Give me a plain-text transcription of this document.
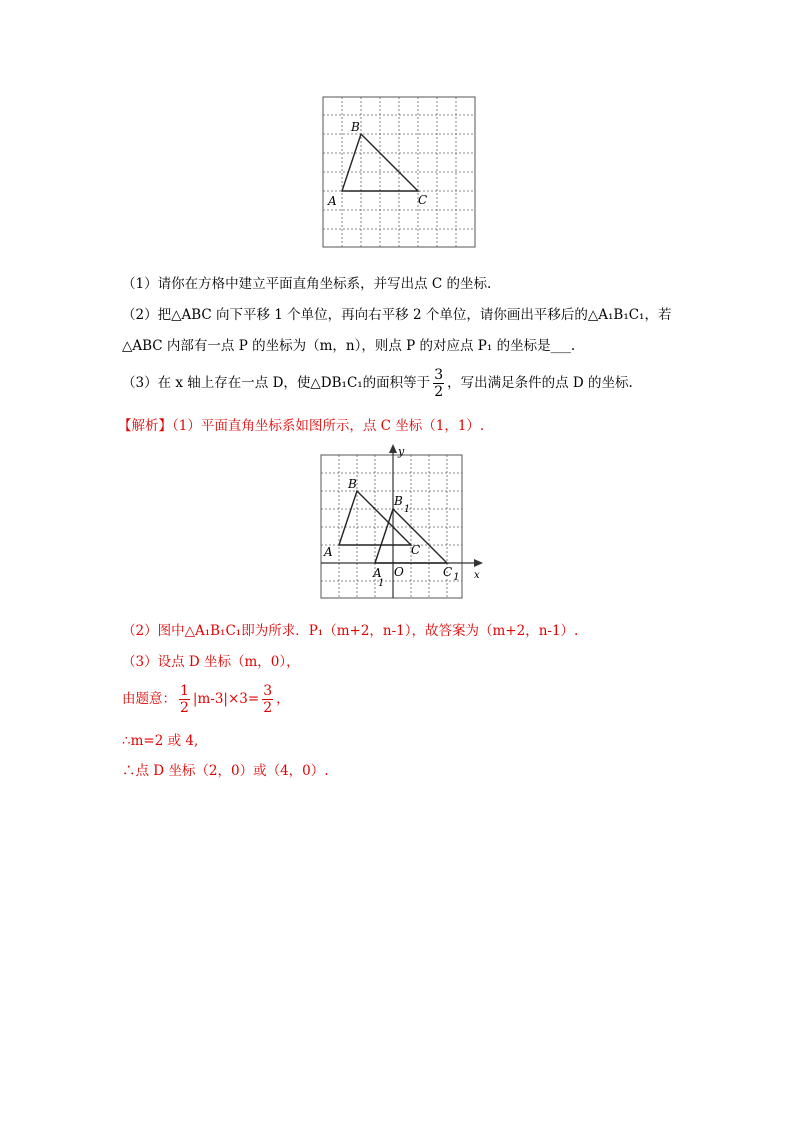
A
B
C
（1）请你在方格中建立平面直角坐标系，并写出点 C 的坐标.
（2）把△ABC 向下平移 1 个单位，再向右平移 2 个单位，请你画出平移后的△A₁B₁C₁，若
△ABC 内部有一点 P 的坐标为（m，n），则点 P 的对应点 P₁ 的坐标是___.
（3）在 x 轴上存在一点 D，使△DB₁C₁的面积等于 $\frac{3}{2}$ ，写出满足条件的点 D 的坐标.
【解析】（1）平面直角坐标系如图所示，点 C 坐标（1，1）.
y
x
B
$B_1$
A	C
O
A 1
$C_1$
（2）图中△A₁B₁C₁即为所求．P₁（m+2，n-1），故答案为（m+2，n-1）.
（3）设点 D 坐标（m，0），
由题意： $\frac{1}{2} |m-3|\times 3= \frac{3}{2}$ ，
∴m=2 或 4,
∴点 D 坐标（2，0）或（4，0）.
